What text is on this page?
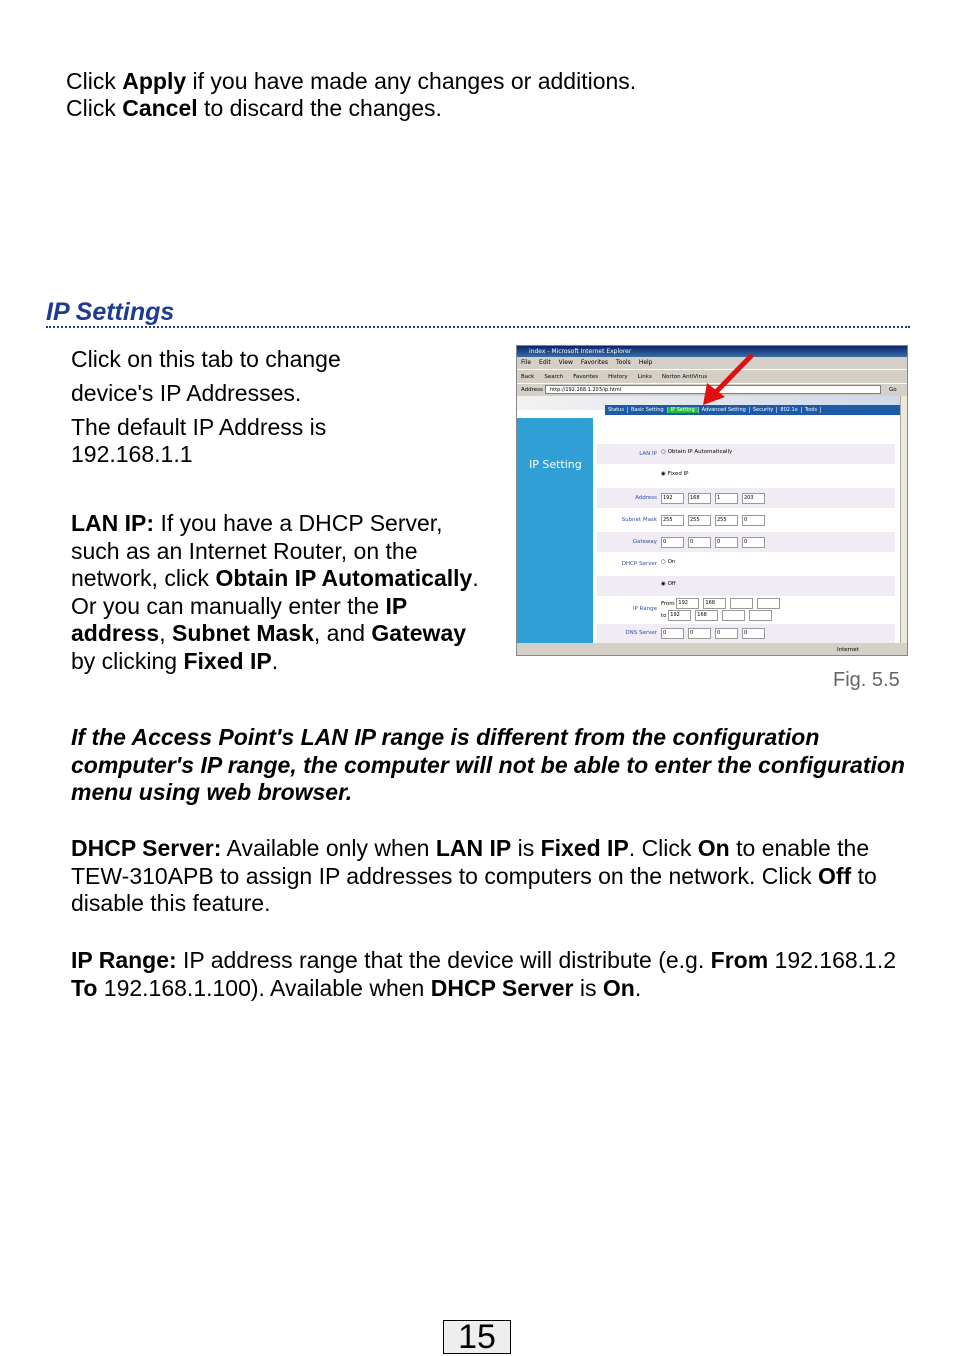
Click Apply if you have made any changes or additions.
Click Cancel to discard the changes.
IP Settings
Click on this tab to change
device's IP Addresses.
The default IP Address is
192.168.1.1
LAN IP: If you have a DHCP Server, such as an Internet Router, on the network, click Obtain IP Automatically. Or you can manually enter the IP address, Subnet Mask, and Gateway by clicking Fixed IP.
index - Microsoft Internet Explorer
File Edit View Favorites Tools Help
Back Search Favorites History Links Norton AntiVirus
Address	Go
http://192.168.1.203/ip.html
Status Basic Setting IP Setting Advanced Setting Security 802.1x Tools
IP Setting
LAN IP ○ Obtain IP Automatically
◉ Fixed IP
Address	192	168	1	203
Subnet Mask	255	255	255	0
Gateway	0	0	0	0
DHCP Server ○ On
◉ Off
IP Range
From 192	168
to 192	168
DNS Server	0	0	0	0
Internet
Fig. 5.5
If the Access Point's LAN IP range is different from the configuration computer's IP range, the computer will not be able to enter the configuration menu using web browser.
DHCP Server: Available only when LAN IP is Fixed IP. Click On to enable the TEW-310APB to assign IP addresses to computers on the network. Click Off to disable this feature.
IP Range: IP address range that the device will distribute (e.g. From 192.168.1.2 To 192.168.1.100). Available when DHCP Server is On.
15
